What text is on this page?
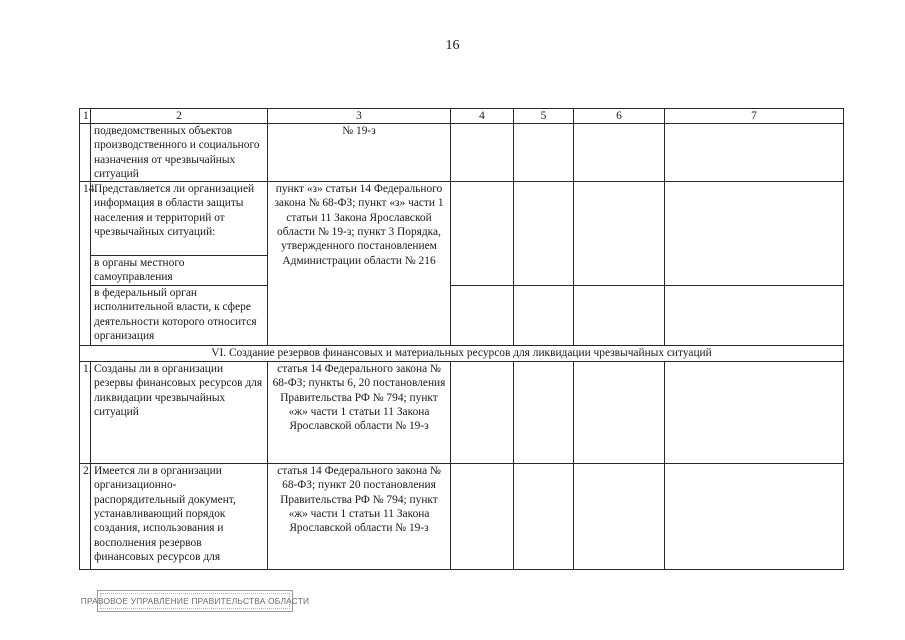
16
1	2	3	4	5	6	7
	подведомственных объектов производственного и социального назначения от чрезвычайных ситуаций	№ 19-з				
14.	Представляется ли организацией информация в области защиты населения и территорий от чрезвычайных ситуаций:	пункт «з» статьи 14 Федерального закона № 68-ФЗ; пункт «з» части 1 статьи 11 Закона Ярославской области № 19-з; пункт 3 Порядка, утвержденного постановлением Администрации области № 216				
	в органы местного самоуправления					
	в федеральный орган исполнительной власти, к сфере деятельности которого относится организация					
VI. Создание резервов финансовых и материальных ресурсов для ликвидации чрезвычайных ситуаций						
1.	Созданы ли в организации резервы финансовых ресурсов для ликвидации чрезвычайных ситуаций	статья 14 Федерального закона № 68-ФЗ; пункты 6, 20 постановления Правительства РФ № 794; пункт «ж» части 1 статьи 11 Закона Ярославской области № 19-з				
2.	Имеется ли в организации организационно-распорядительный документ, устанавливающий порядок создания, использования и восполнения резервов финансовых ресурсов для	статья 14 Федерального закона № 68-ФЗ; пункт 20 постановления Правительства РФ № 794; пункт «ж» части 1 статьи 11 Закона Ярославской области № 19-з				
ПРАВОВОЕ УПРАВЛЕНИЕ ПРАВИТЕЛЬСТВА ОБЛАСТИ
